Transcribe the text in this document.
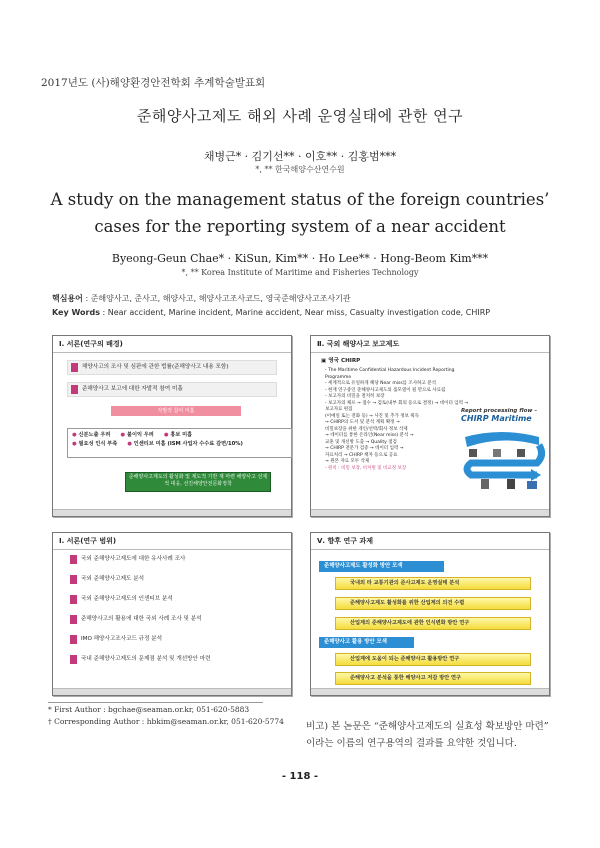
2017년도 (사)해양환경안전학회 추계학술발표회
준해양사고제도 해외 사례 운영실태에 관한 연구
채병근* · 김기선** · 이호** · 김홍범***
*, ** 한국해양수산연수원
A study on the management status of the foreign countries’ cases for the reporting system of a near accident
Byeong-Geun Chae* · KiSun, Kim** · Ho Lee** · Hong-Beom Kim***
*, ** Korea Institute of Maritime and Fisheries Technology
핵심용어 : 준해양사고, 준사고, 해양사고, 해양사고조사코드, 영국준해양사고조사기관
Key Words : Near accident, Marine incident, Marine accident, Near miss, Casualty investigation code, CHIRP
Ⅰ. 서론(연구의 배경)
해양사고의 조사 및 심판에 관한 법률(준해양사고 내용 포함)
준해양사고 보고에 대한 자발적 참여 미흡
자발적 참여 미흡
● 신분노출 우려	● 불이익 우려	● 홍보 미흡
● 필요성 인식 부족	● 인센티브 미흡 (ISM 사업자 수수료 감면/10%)
준해양사고제도의 활성화 및 제도적 기반 재 마련 해양사고 선제적 대응, 선진해양안전문화정착
Ⅱ. 국외 해양사고 보고제도
▣ 영국 CHIRP
- The Maritime Confidential Hazardous Incident Reporting Programme
- 세계적으로 유일하게 해당 Near miss를 조사하고 분석
- 현재 연구중인 준해양사고제도의 롤모델이 될 만으로 사료됨
- 보고자의 비밀을 철저히 보장
- 보고자의 체포 → 접수 → 검토(내부 회의 등으로 결정) → 데이터 입력 → 보고자료 편집
(이메일 또는 전화 등) → 사진 및 추가 정보 획득
→ CHIRP의 도서 및 분석 계획 확정 →
비밀보장을 위한 개인/선박/회사 정보 삭제
→ 데이터를 통한 온라인(Near miss) 분석 →
교훈 및 개선방 도출 → Quality 점검
→ CHIRP 전문가 검증 → 데이터 입력 →
자료처리 → CHIRP 책자 등으로 공표
→ 원본 자료 모두 삭제
- 원칙 : 비밀 보장, 비처벌 및 비교정 보장
Report processing flow –
CHIRP Maritime
Ⅰ. 서론(연구 범위)
국외 준해양사고제도에 대한 유사사례 조사
국외 준해양사고제도 분석
국외 준해양사고제도의 인센티브 분석
준해양사고의 활용에 대한 국외 사례 조사 및 분석
IMO 해양사고조사코드 규정 분석
국내 준해양사고제도의 문제점 분석 및 개선방안 마련
Ⅴ. 향후 연구 과제
준해양사고제도 활성화 방안 모색
국내외 타 교통기관의 준사고제도 운영실태 분석
준해양사고제도 활성화를 위한 산업계의 의견 수렴
산업계의 준해양사고제도에 관한 인식변화 방안 연구
준해양사고 활용 방안 모색
산업계에 도움이 되는 준해양사고 활용방안 연구
준해양사고 분석을 통한 해양사고 저감 방안 연구
* First Author : bgchae@seaman.or.kr, 051-620-5883
† Corresponding Author : hbkim@seaman.or.kr, 051-620-5774 비고) 본 논문은 “준해양사고제도의 실효성 확보방안 마련” 이라는 이름의 연구용역의 결과를 요약한 것입니다.
- 118 -
